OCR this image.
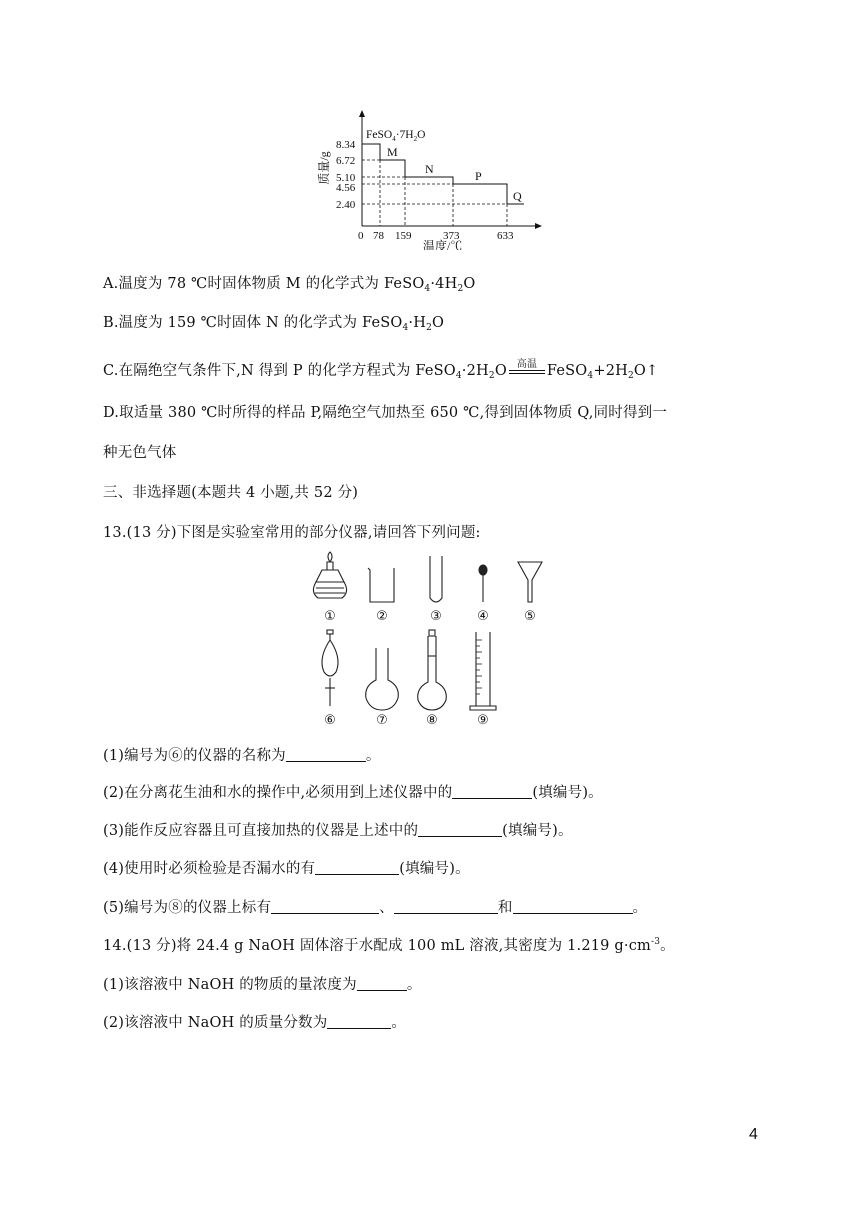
8.34
6.72
5.10
4.56
2.40
0 78 159	373	633
质量/g
温度/℃
$FeSO_4\cdot 7H_2O$
M
N	P
Q
A.温度为 78 ℃时固体物质 M 的化学式为 $FeSO_4\cdot 4H_2O$
B.温度为 159 ℃时固体 N 的化学式为 $FeSO_4\cdot H_2O$
C.在隔绝空气条件下,N 得到 P 的化学方程式为 $FeSO_4\cdot 2H_2O$ 高温 $FeSO_4+2H_2O↑$
D.取适量 380 ℃时所得的样品 P,隔绝空气加热至 650 ℃,得到固体物质 Q,同时得到一
种无色气体
三、非选择题(本题共 4 小题,共 52 分)
13.(13 分)下图是实验室常用的部分仪器,请回答下列问题:
①	②	③	④	⑤
⑥	⑦	⑧	⑨
(1)编号为⑥的仪器的名称为	。
(2)在分离花生油和水的操作中,必须用到上述仪器中的	(填编号)。
(3)能作反应容器且可直接加热的仪器是上述中的	(填编号)。
(4)使用时必须检验是否漏水的有	(填编号)。
(5)编号为⑧的仪器上标有	、	和	。
14.(13 分)将 24.4 g NaOH 固体溶于水配成 100 mL 溶液,其密度为 1.219 $g\cdot cm^{-3}$。
(1)该溶液中 NaOH 的物质的量浓度为	。
(2)该溶液中 NaOH 的质量分数为	。
4
